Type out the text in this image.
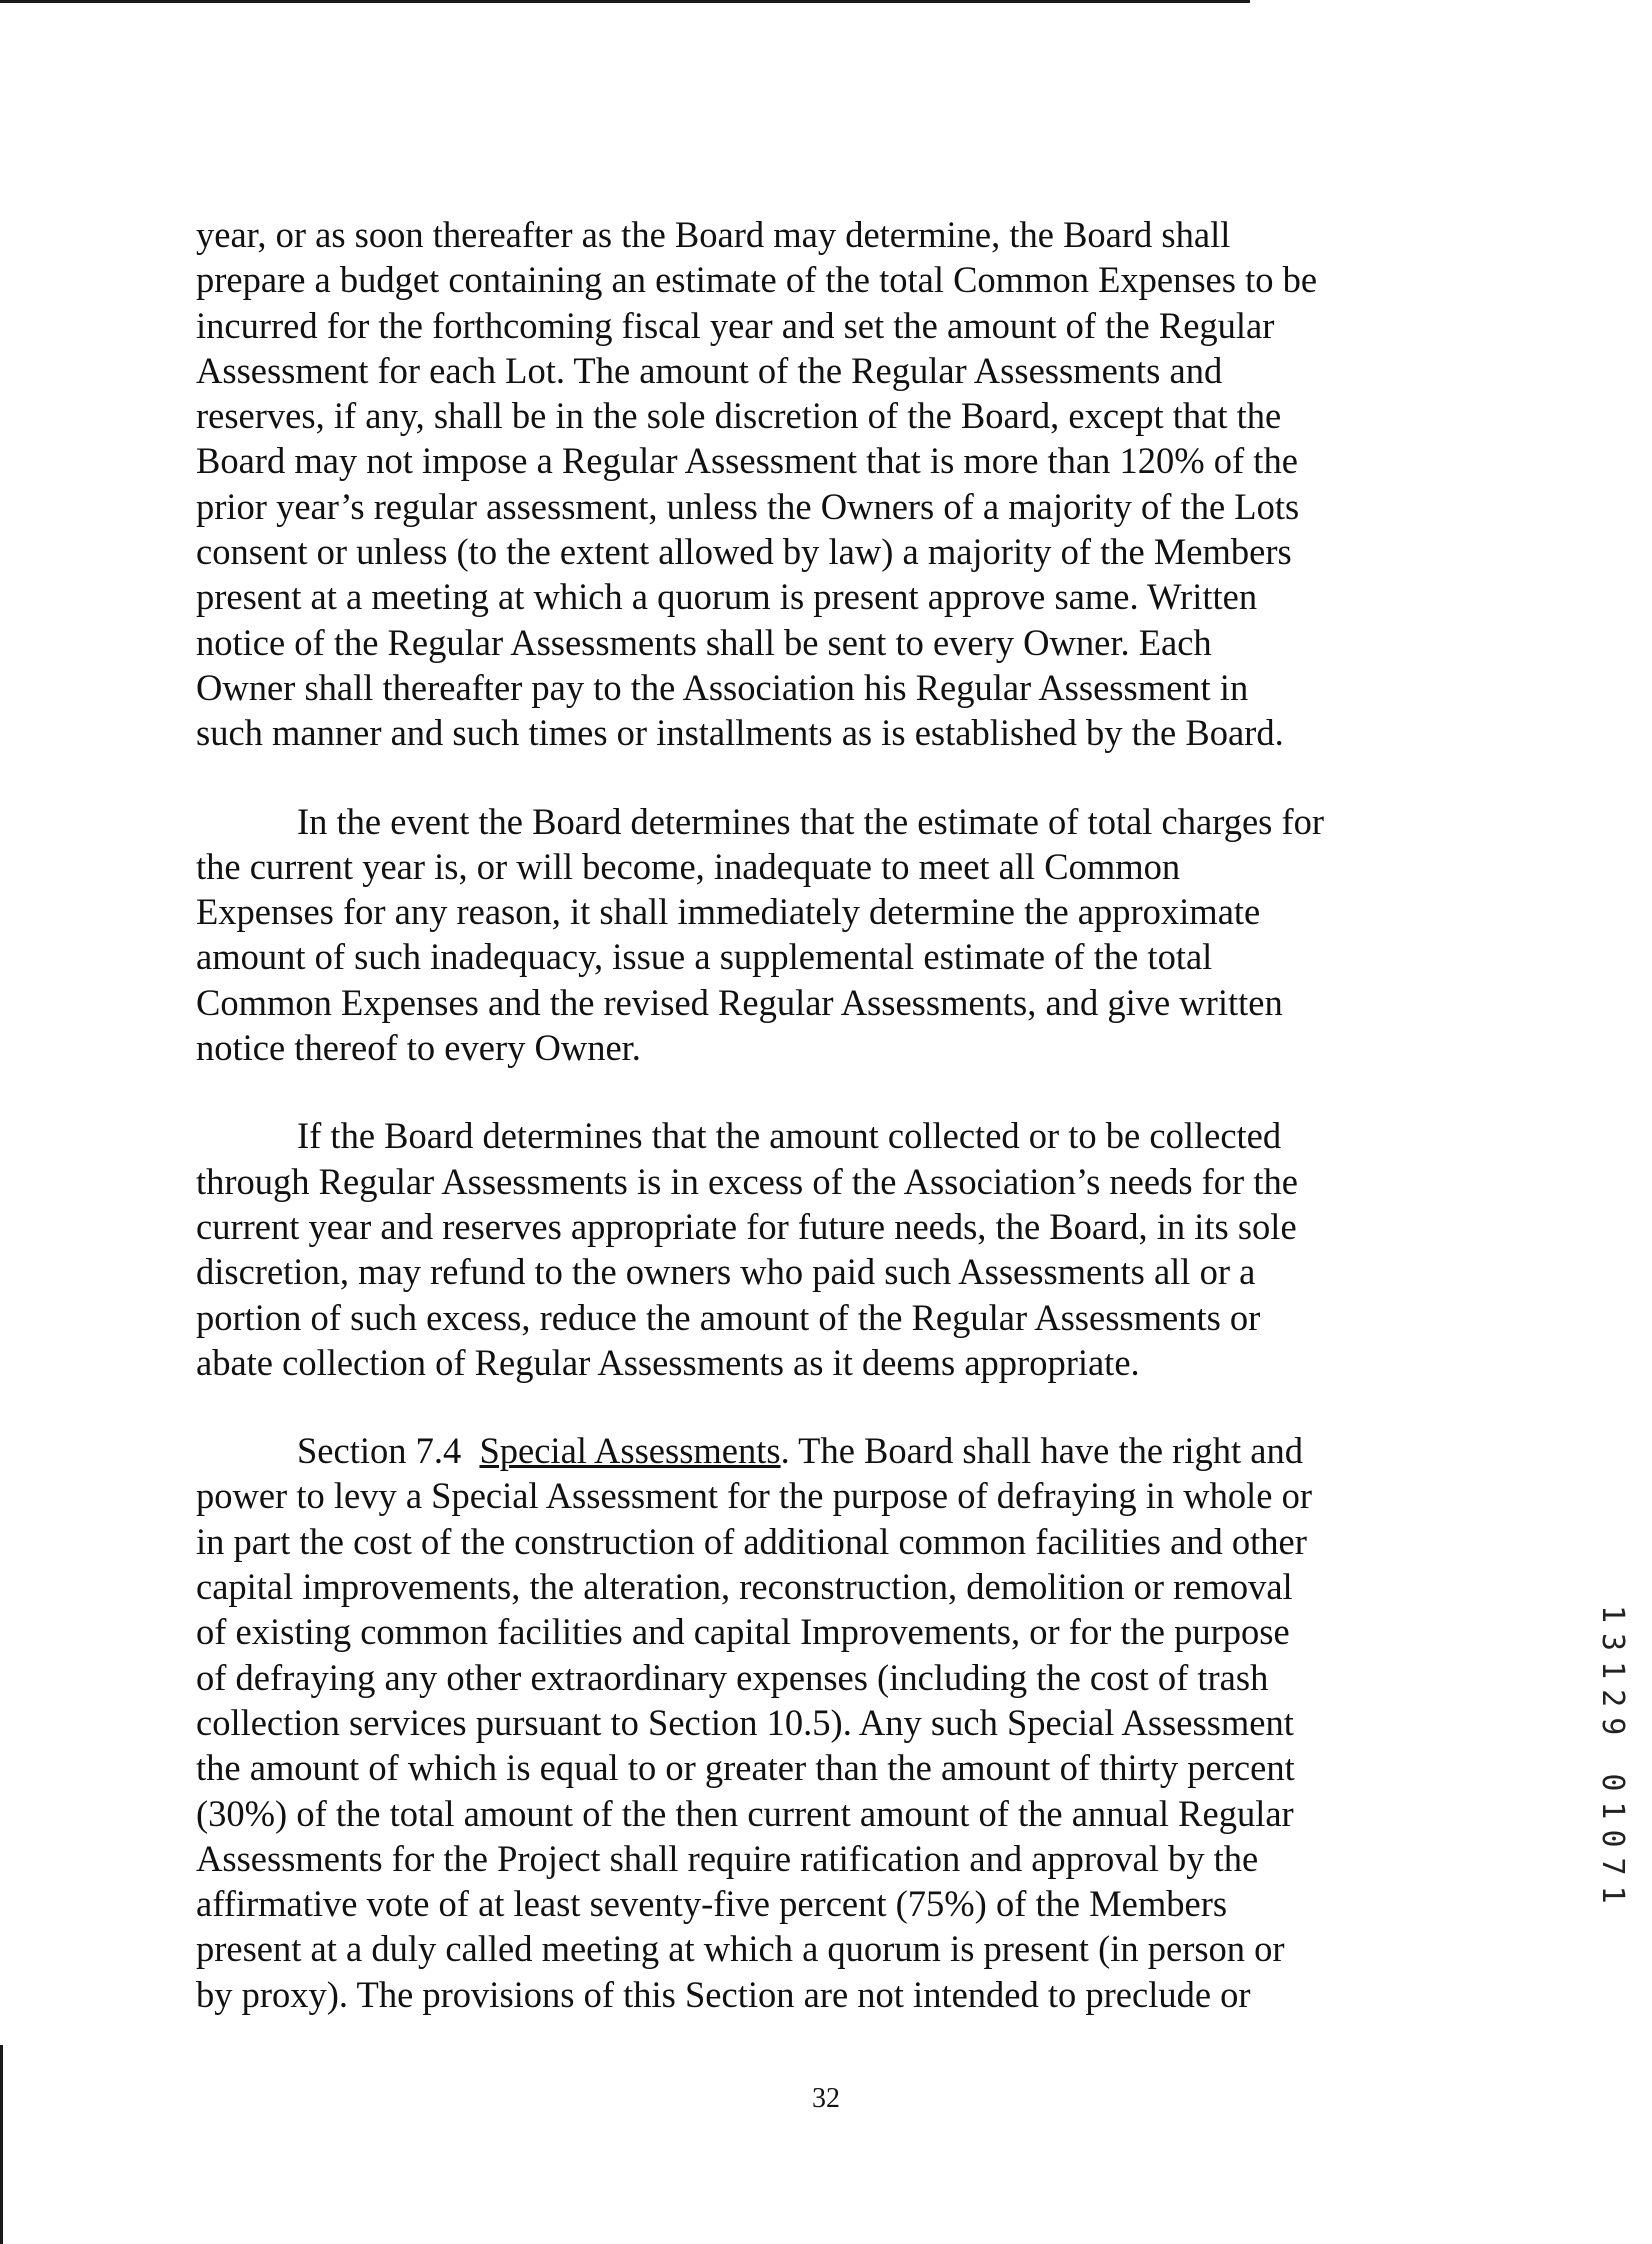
year, or as soon thereafter as the Board may determine, the Board shall
prepare a budget containing an estimate of the total Common Expenses to be
incurred for the forthcoming fiscal year and set the amount of the Regular
Assessment for each Lot. The amount of the Regular Assessments and
reserves, if any, shall be in the sole discretion of the Board, except that the
Board may not impose a Regular Assessment that is more than 120% of the
prior year’s regular assessment, unless the Owners of a majority of the Lots
consent or unless (to the extent allowed by law) a majority of the Members
present at a meeting at which a quorum is present approve same. Written
notice of the Regular Assessments shall be sent to every Owner. Each
Owner shall thereafter pay to the Association his Regular Assessment in
such manner and such times or installments as is established by the Board.

In the event the Board determines that the estimate of total charges for
the current year is, or will become, inadequate to meet all Common
Expenses for any reason, it shall immediately determine the approximate
amount of such inadequacy, issue a supplemental estimate of the total
Common Expenses and the revised Regular Assessments, and give written
notice thereof to every Owner.

If the Board determines that the amount collected or to be collected
through Regular Assessments is in excess of the Association’s needs for the
current year and reserves appropriate for future needs, the Board, in its sole
discretion, may refund to the owners who paid such Assessments all or a
portion of such excess, reduce the amount of the Regular Assessments or
abate collection of Regular Assessments as it deems appropriate.

Section 7.4 Special Assessments. The Board shall have the right and
power to levy a Special Assessment for the purpose of defraying in whole or
in part the cost of the construction of additional common facilities and other
capital improvements, the alteration, reconstruction, demolition or removal
of existing common facilities and capital Improvements, or for the purpose
of defraying any other extraordinary expenses (including the cost of trash
collection services pursuant to Section 10.5). Any such Special Assessment
the amount of which is equal to or greater than the amount of thirty percent
(30%) of the total amount of the then current amount of the annual Regular
Assessments for the Project shall require ratification and approval by the
affirmative vote of at least seventy-five percent (75%) of the Members
present at a duly called meeting at which a quorum is present (in person or
by proxy). The provisions of this Section are not intended to preclude or

13129 01071
32
